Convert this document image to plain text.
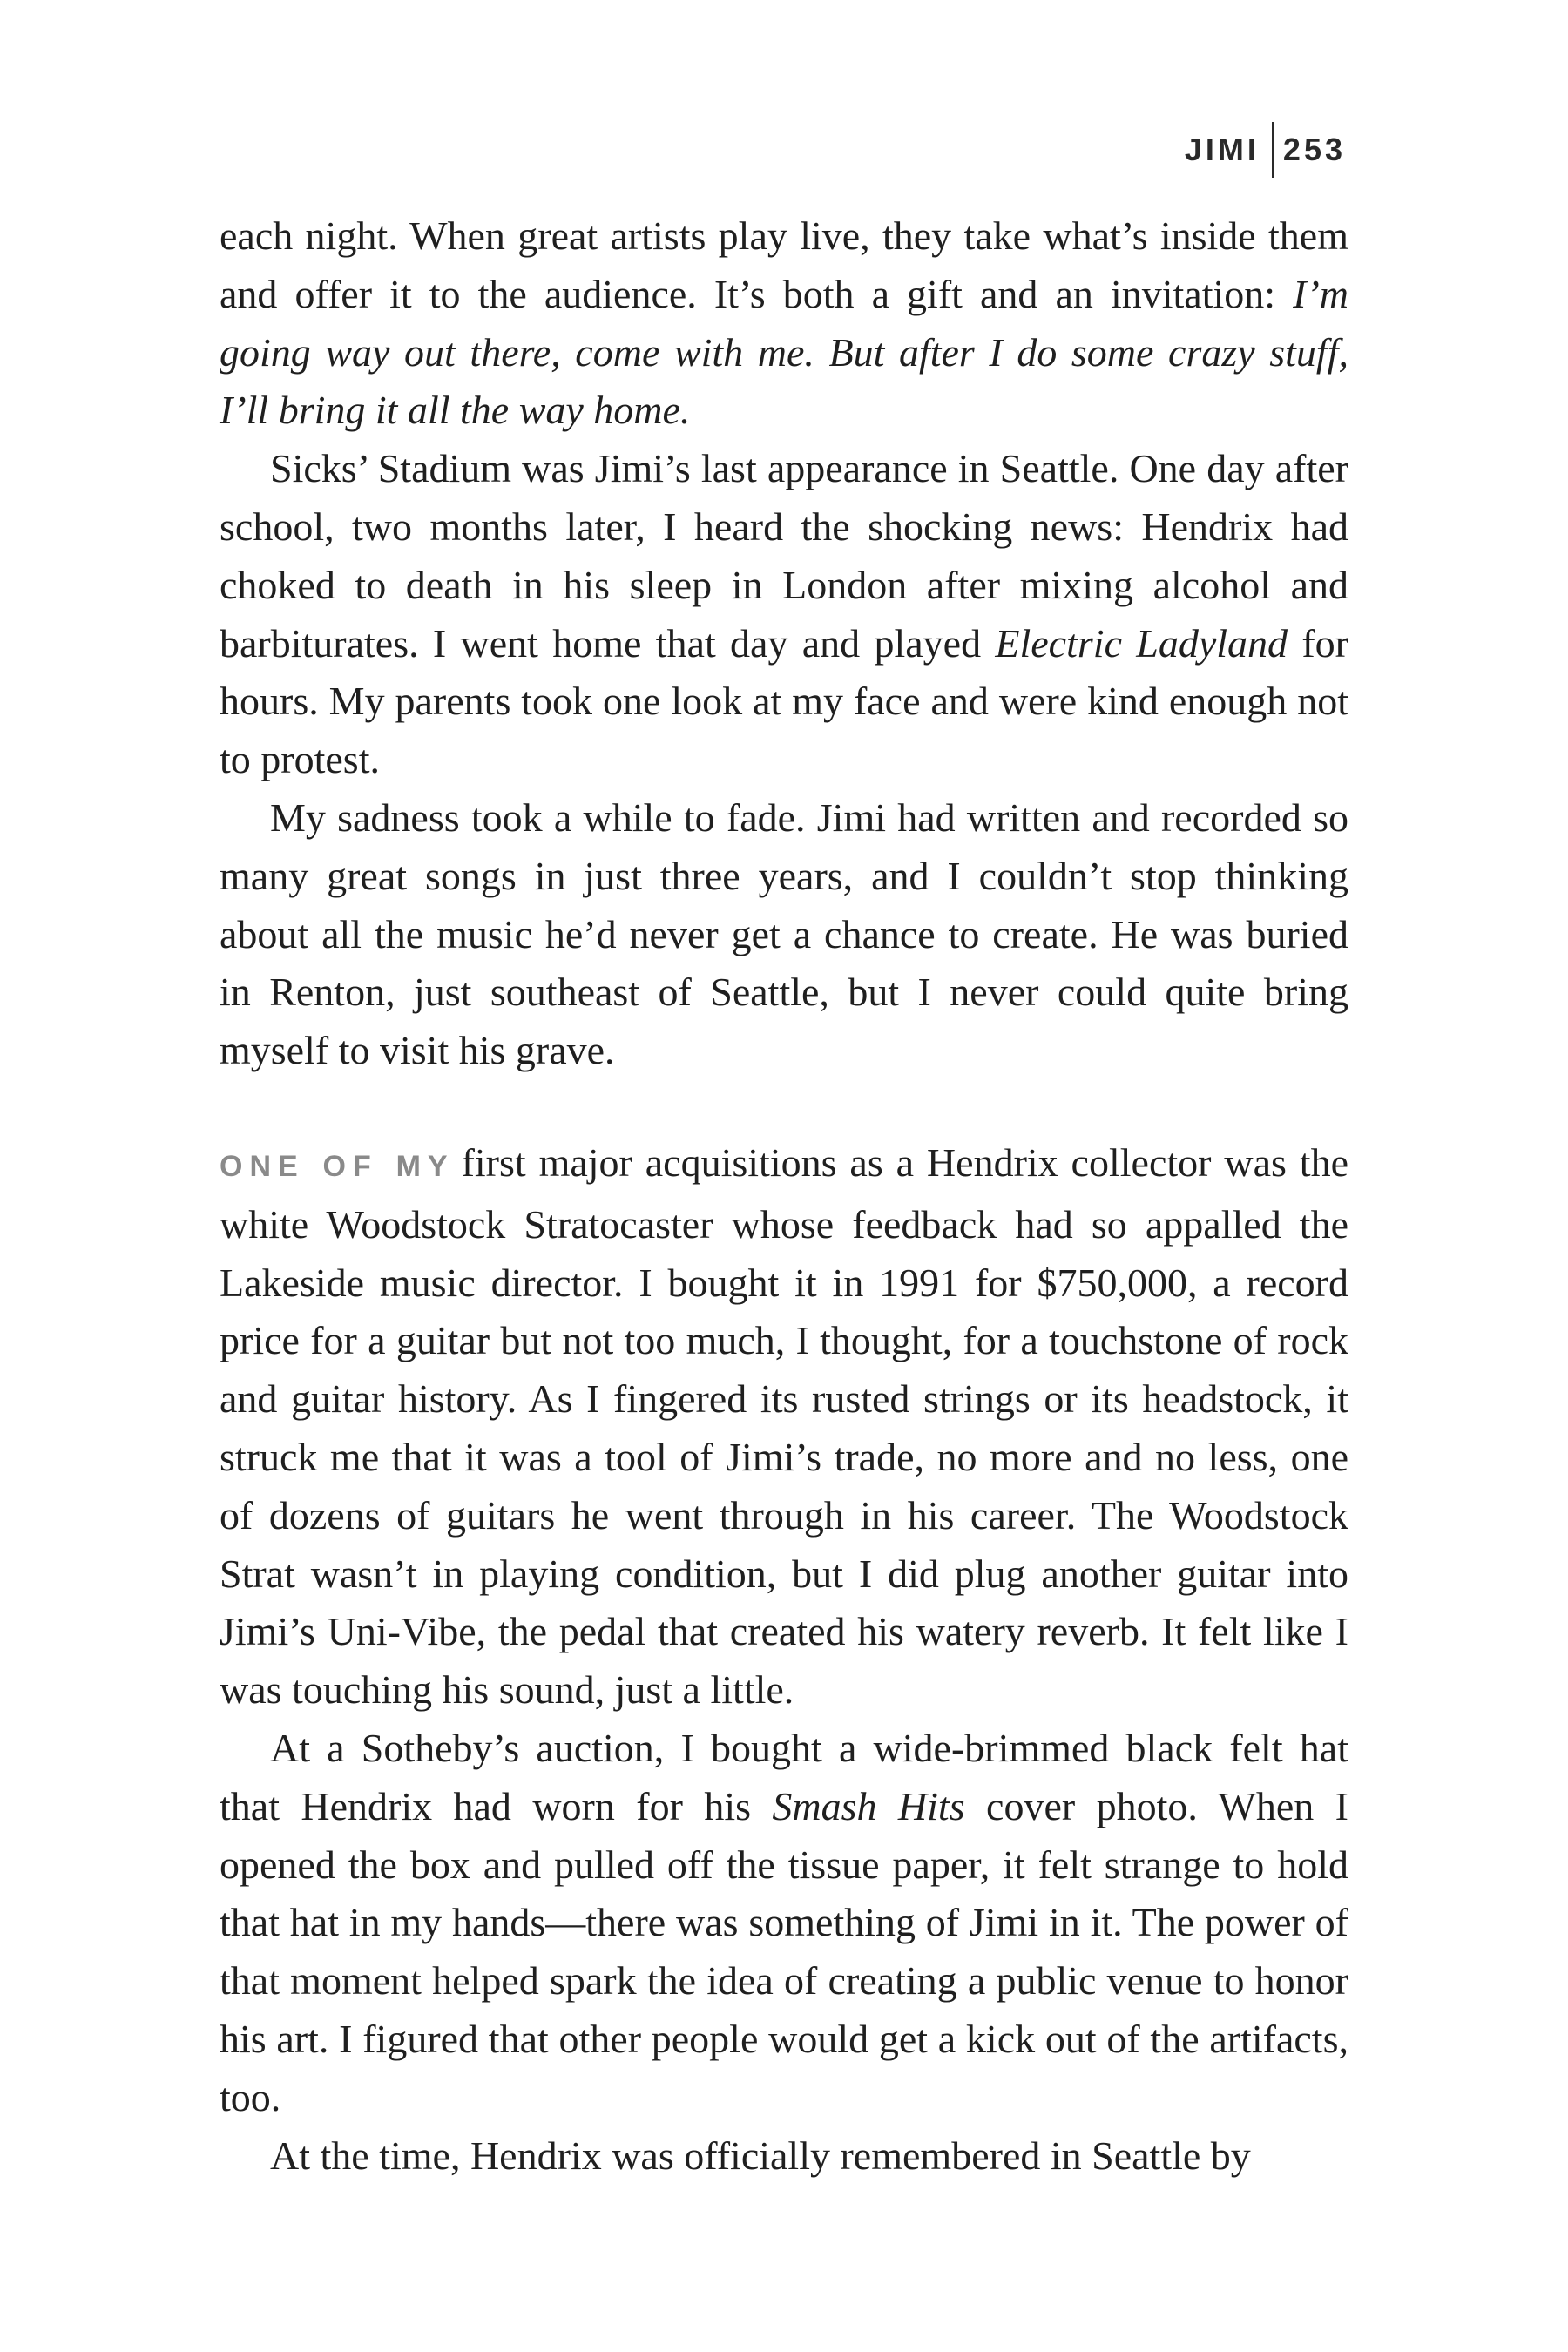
JIMI 253

each night. When great artists play live, they take what’s inside them and offer it to the audience. It’s both a gift and an invitation: I’m going way out there, come with me. But after I do some crazy stuff, I’ll bring it all the way home.

Sicks’ Stadium was Jimi’s last appearance in Seattle. One day after school, two months later, I heard the shocking news: Hendrix had choked to death in his sleep in London after mixing alcohol and barbiturates. I went home that day and played Electric Ladyland for hours. My parents took one look at my face and were kind enough not to protest.

My sadness took a while to fade. Jimi had written and recorded so many great songs in just three years, and I couldn’t stop thinking about all the music he’d never get a chance to create. He was buried in Renton, just southeast of Seattle, but I never could quite bring myself to visit his grave.

ONE OF MY first major acquisitions as a Hendrix collector was the white Woodstock Stratocaster whose feedback had so appalled the Lakeside music director. I bought it in 1991 for $750,000, a record price for a guitar but not too much, I thought, for a touchstone of rock and guitar history. As I fingered its rusted strings or its headstock, it struck me that it was a tool of Jimi’s trade, no more and no less, one of dozens of guitars he went through in his career. The Woodstock Strat wasn’t in playing condition, but I did plug another guitar into Jimi’s Uni-Vibe, the pedal that created his watery reverb. It felt like I was touching his sound, just a little.

At a Sotheby’s auction, I bought a wide-brimmed black felt hat that Hendrix had worn for his Smash Hits cover photo. When I opened the box and pulled off the tissue paper, it felt strange to hold that hat in my hands—there was something of Jimi in it. The power of that moment helped spark the idea of creating a public venue to honor his art. I figured that other people would get a kick out of the artifacts, too.

At the time, Hendrix was officially remembered in Seattle by
